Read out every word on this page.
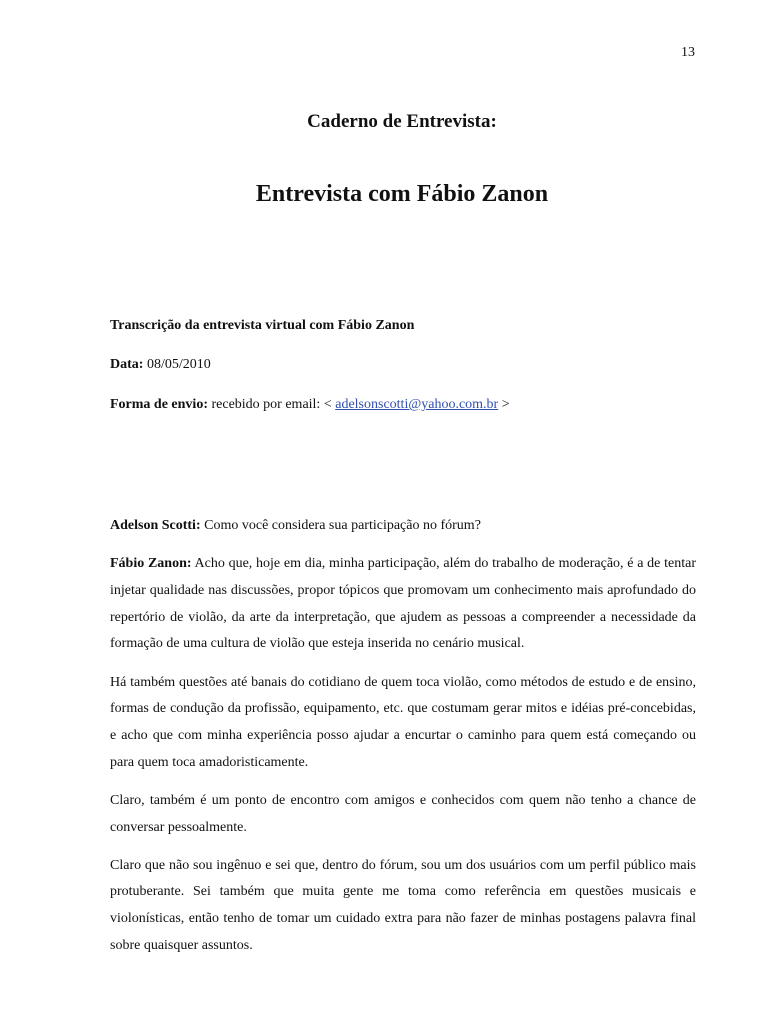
13
Caderno de Entrevista:
Entrevista com Fábio Zanon
Transcrição da entrevista virtual com Fábio Zanon
Data: 08/05/2010
Forma de envio: recebido por email: < adelsonscotti@yahoo.com.br >

Adelson Scotti: Como você considera sua participação no fórum?

Fábio Zanon: Acho que, hoje em dia, minha participação, além do trabalho de moderação, é a de tentar injetar qualidade nas discussões, propor tópicos que promovam um conhecimento mais aprofundado do repertório de violão, da arte da interpretação, que ajudem as pessoas a compreender a necessidade da formação de uma cultura de violão que esteja inserida no cenário musical.

Há também questões até banais do cotidiano de quem toca violão, como métodos de estudo e de ensino, formas de condução da profissão, equipamento, etc. que costumam gerar mitos e idéias pré-concebidas, e acho que com minha experiência posso ajudar a encurtar o caminho para quem está começando ou para quem toca amadoristicamente.

Claro, também é um ponto de encontro com amigos e conhecidos com quem não tenho a chance de conversar pessoalmente.

Claro que não sou ingênuo e sei que, dentro do fórum, sou um dos usuários com um perfil público mais protuberante. Sei também que muita gente me toma como referência em questões musicais e violonísticas, então tenho de tomar um cuidado extra para não fazer de minhas postagens palavra final sobre quaisquer assuntos.
